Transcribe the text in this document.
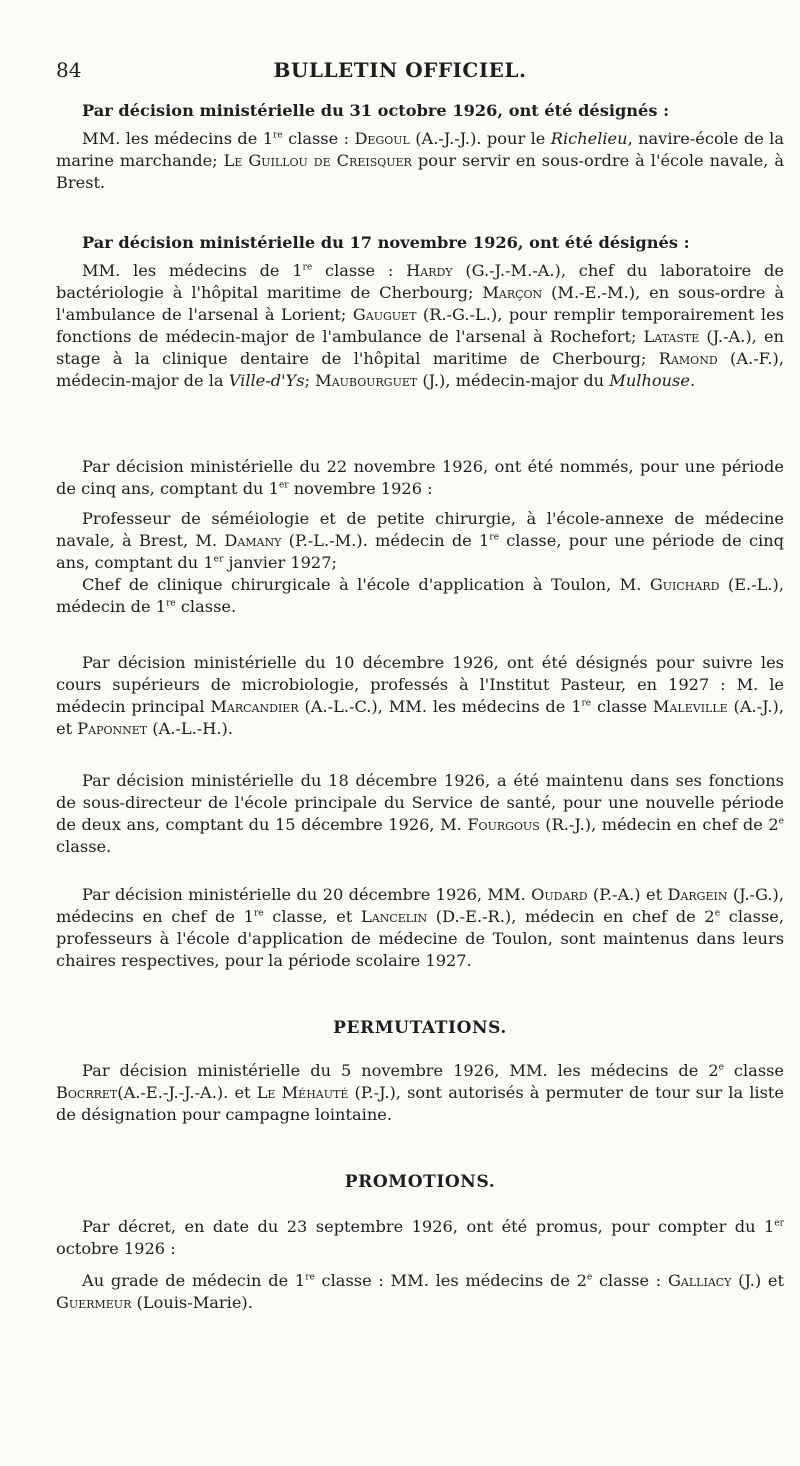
84	BULLETIN OFFICIEL.

Par décision ministérielle du 31 octobre 1926, ont été désignés :

MM. les médecins de 1re classe : Degoul (A.-J.-J.). pour le Richelieu, navire-école de la marine marchande; Le Guillou de Creisquer pour servir en sous-ordre à l'école navale, à Brest.

Par décision ministérielle du 17 novembre 1926, ont été désignés :

MM. les médecins de 1re classe : Hardy (G.-J.-M.-A.), chef du laboratoire de bactériologie à l'hôpital maritime de Cherbourg; Marçon (M.-E.-M.), en sous-ordre à l'ambulance de l'arsenal à Lorient; Gauguet (R.-G.-L.), pour remplir temporairement les fonctions de médecin-major de l'ambulance de l'arsenal à Rochefort; Lataste (J.-A.), en stage à la clinique dentaire de l'hôpital maritime de Cherbourg; Ramond (A.-F.), médecin-major de la Ville-d'Ys; Maubourguet (J.), médecin-major du Mulhouse.

Par décision ministérielle du 22 novembre 1926, ont été nommés, pour une période de cinq ans, comptant du 1er novembre 1926 :

Professeur de séméiologie et de petite chirurgie, à l'école-annexe de médecine navale, à Brest, M. Damany (P.-L.-M.). médecin de 1re classe, pour une période de cinq ans, comptant du 1er janvier 1927;

Chef de clinique chirurgicale à l'école d'application à Toulon, M. Guichard (E.-L.), médecin de 1re classe.

Par décision ministérielle du 10 décembre 1926, ont été désignés pour suivre les cours supérieurs de microbiologie, professés à l'Institut Pasteur, en 1927 : M. le médecin principal Marcandier (A.-L.-C.), MM. les médecins de 1re classe Maleville (A.-J.), et Paponnet (A.-L.-H.).

Par décision ministérielle du 18 décembre 1926, a été maintenu dans ses fonctions de sous-directeur de l'école principale du Service de santé, pour une nouvelle période de deux ans, comptant du 15 décembre 1926, M. Fourgous (R.-J.), médecin en chef de 2e classe.

Par décision ministérielle du 20 décembre 1926, MM. Oudard (P.-A.) et Dargein (J.-G.), médecins en chef de 1re classe, et Lancelin (D.-E.-R.), médecin en chef de 2e classe, professeurs à l'école d'application de médecine de Toulon, sont maintenus dans leurs chaires respectives, pour la période scolaire 1927.

PERMUTATIONS.

Par décision ministérielle du 5 novembre 1926, MM. les médecins de 2e classe Bocrret(A.-E.-J.-J.-A.). et Le Méhauté (P.-J.), sont autorisés à permuter de tour sur la liste de désignation pour campagne lointaine.

PROMOTIONS.

Par décret, en date du 23 septembre 1926, ont été promus, pour compter du 1er octobre 1926 :

Au grade de médecin de 1re classe : MM. les médecins de 2e classe : Galliacy (J.) et Guermeur (Louis-Marie).
